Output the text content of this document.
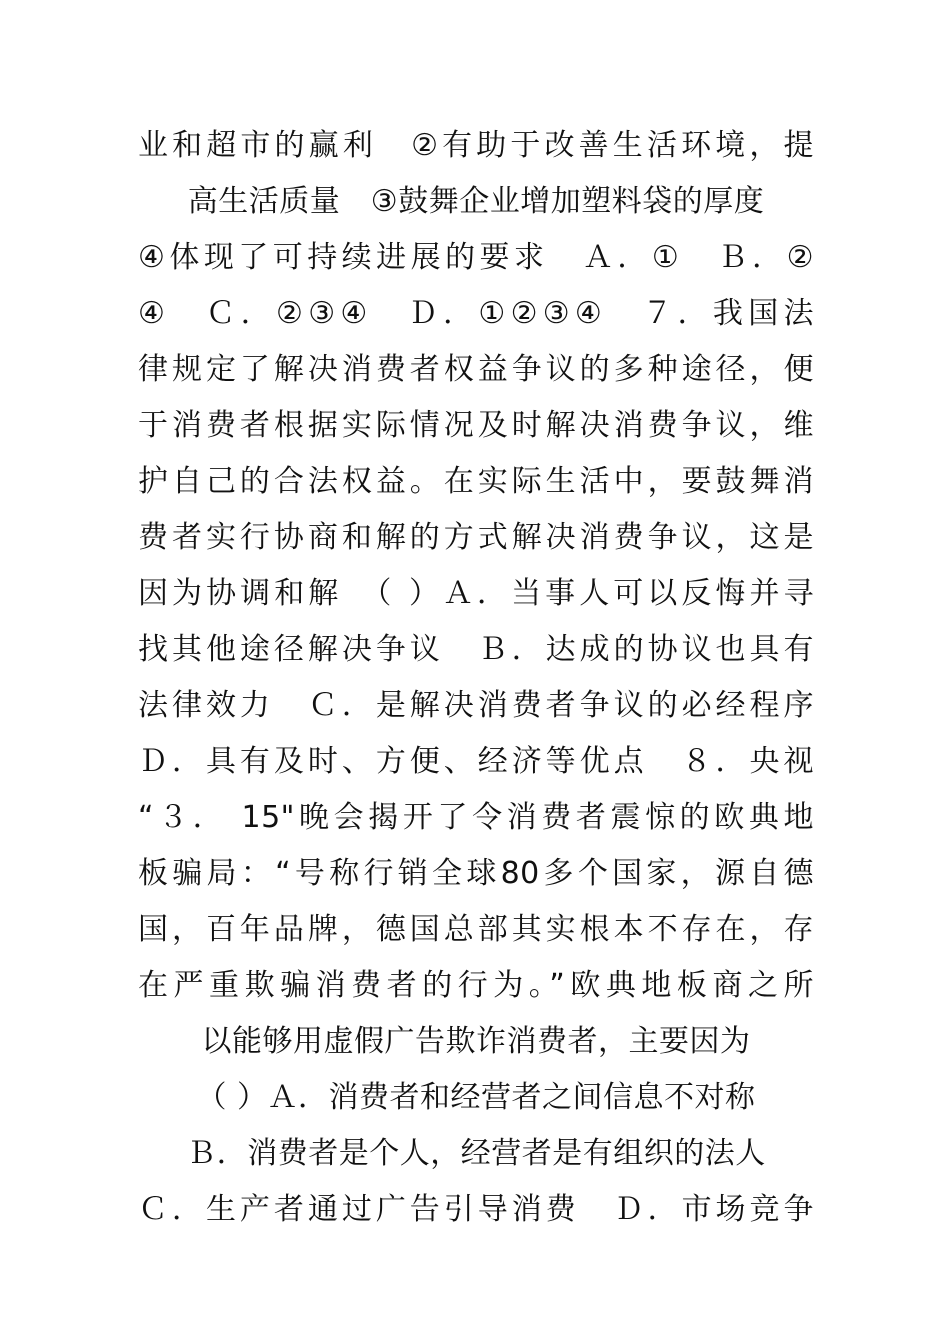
业和超市的赢利　②有助于改善生活环境，提
高生活质量　③鼓舞企业增加塑料袋的厚度
④体现了可持续进展的要求　Ａ．①　Ｂ．②
④　Ｃ．②③④　Ｄ．①②③④　７．我国法
律规定了解决消费者权益争议的多种途径，便
于消费者根据实际情况及时解决消费争议，维
护自己的合法权益。在实际生活中，要鼓舞消
费者实行协商和解的方式解决消费争议，这是
因为协调和解　（ ）Ａ．当事人可以反悔并寻
找其他途径解决争议　Ｂ．达成的协议也具有
法律效力　Ｃ．是解决消费者争议的必经程序
Ｄ．具有及时、方便、经济等优点　８．央视
“３． 15"晚会揭开了令消费者震惊的欧典地
板骗局：“号称行销全球80多个国家，源自德
国，百年品牌，德国总部其实根本不存在，存
在严重欺骗消费者的行为。”欧典地板商之所
以能够用虚假广告欺诈消费者，主要因为
（ ）Ａ．消费者和经营者之间信息不对称
Ｂ．消费者是个人，经营者是有组织的法人
Ｃ．生产者通过广告引导消费　Ｄ．市场竞争
